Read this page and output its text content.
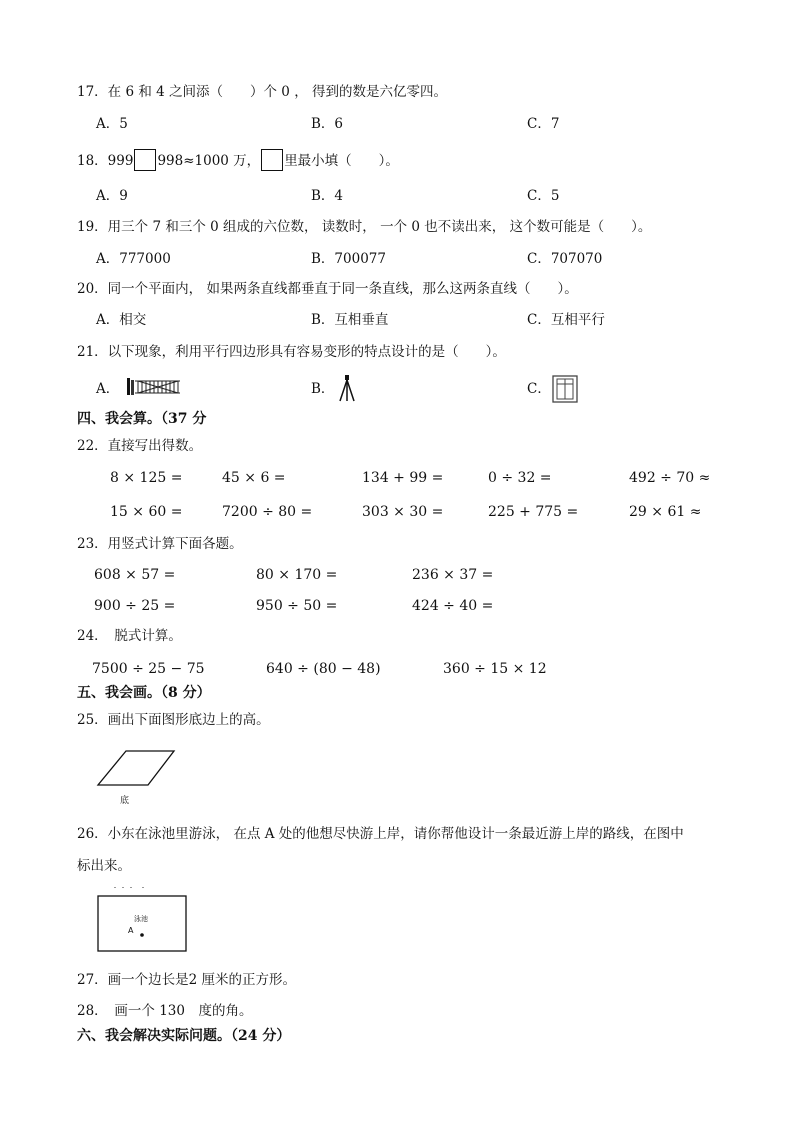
17．在 6 和 4 之间添（　　）个 0 ， 得到的数是六亿零四。
A．5	B．6	C．7
18．999 998≈1000 万， 里最小填（　　）。
A．9	B．4	C．5
19．用三个 7 和三个 0 组成的六位数， 读数时， 一个 0 也不读出来， 这个数可能是（　　）。
A．777000	B．700077	C．707070
20．同一个平面内， 如果两条直线都垂直于同一条直线，那么这两条直线（　　）。
A．相交	B．互相垂直	C．互相平行
21．以下现象，利用平行四边形具有容易变形的特点设计的是（　　）。
A．	B．	C．
四、我会算。（37 分
22．直接写出得数。
8 × 125 =	45 × 6 =	134 + 99 =	0 ÷ 32 =	492 ÷ 70 ≈
15 × 60 =	7200 ÷ 80 =	303 × 30 =	225 + 775 =	29 × 61 ≈
23．用竖式计算下面各题。
608 × 57 =	80 × 170 =	236 × 37 =
900 ÷ 25 =	950 ÷ 50 =	424 ÷ 40 =
24．　脱式计算。
7500 ÷ 25 − 75	640 ÷ (80 − 48)	360 ÷ 15 × 12
五、我会画。（8 分）
25．画出下面图形底边上的高。
底
26．小东在泳池里游泳， 在点 A 处的他想尽快游上岸，请你帮他设计一条最近游上岸的路线，在图中
标出来。
泳池
A
27．画一个边长是2 厘米的正方形。
28．　画一个 130　度的角。
六、我会解决实际问题。（24 分）
